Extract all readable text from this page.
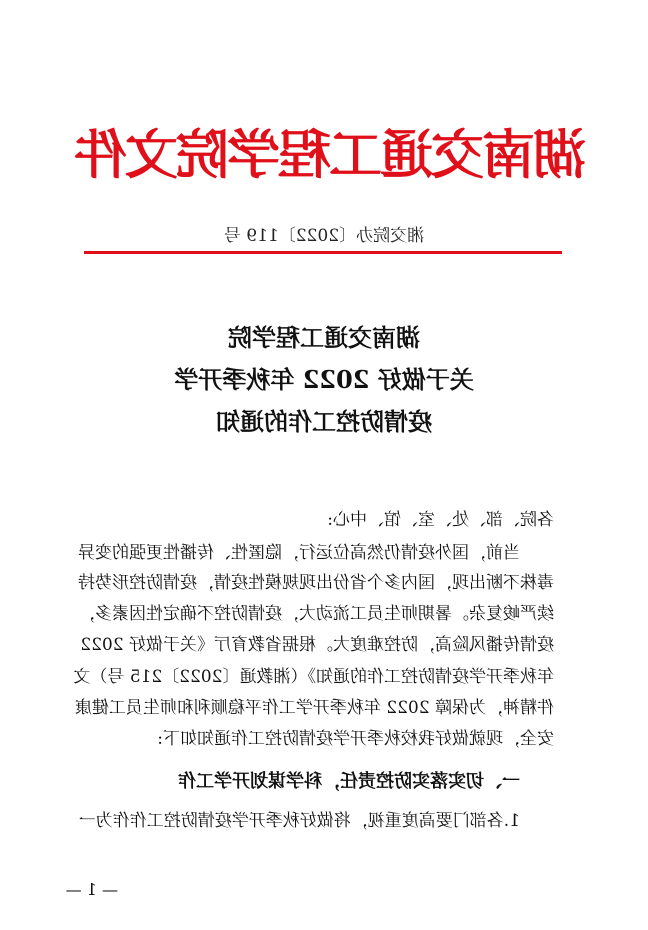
湖南交通工程学院文件
湘交院办〔2022〕119 号
湖南交通工程学院
关于做好 2022 年秋季开学
疫情防控工作的通知
各院、部、处、室、馆、中心:
当前，国外疫情仍然高位运行，隐匿性、传播性更强的变异
毒株不断出现，国内多个省份出现规模性疫情，疫情防控形势持
续严峻复杂。暑期师生员工流动大，疫情防控不确定性因素多，
疫情传播风险高，防控难度大。根据省教育厅《关于做好 2022
年秋季开学疫情防控工作的通知》（湘教通〔2022〕215 号）文
件精神，为保障 2022 年秋季开学工作平稳顺利和师生员工健康
安全，现就做好我校秋季开学疫情防控工作通知如下:
一、切实落实防控责任，科学谋划开学工作
1.各部门要高度重视，将做好秋季开学疫情防控工作作为一
— 1 —
